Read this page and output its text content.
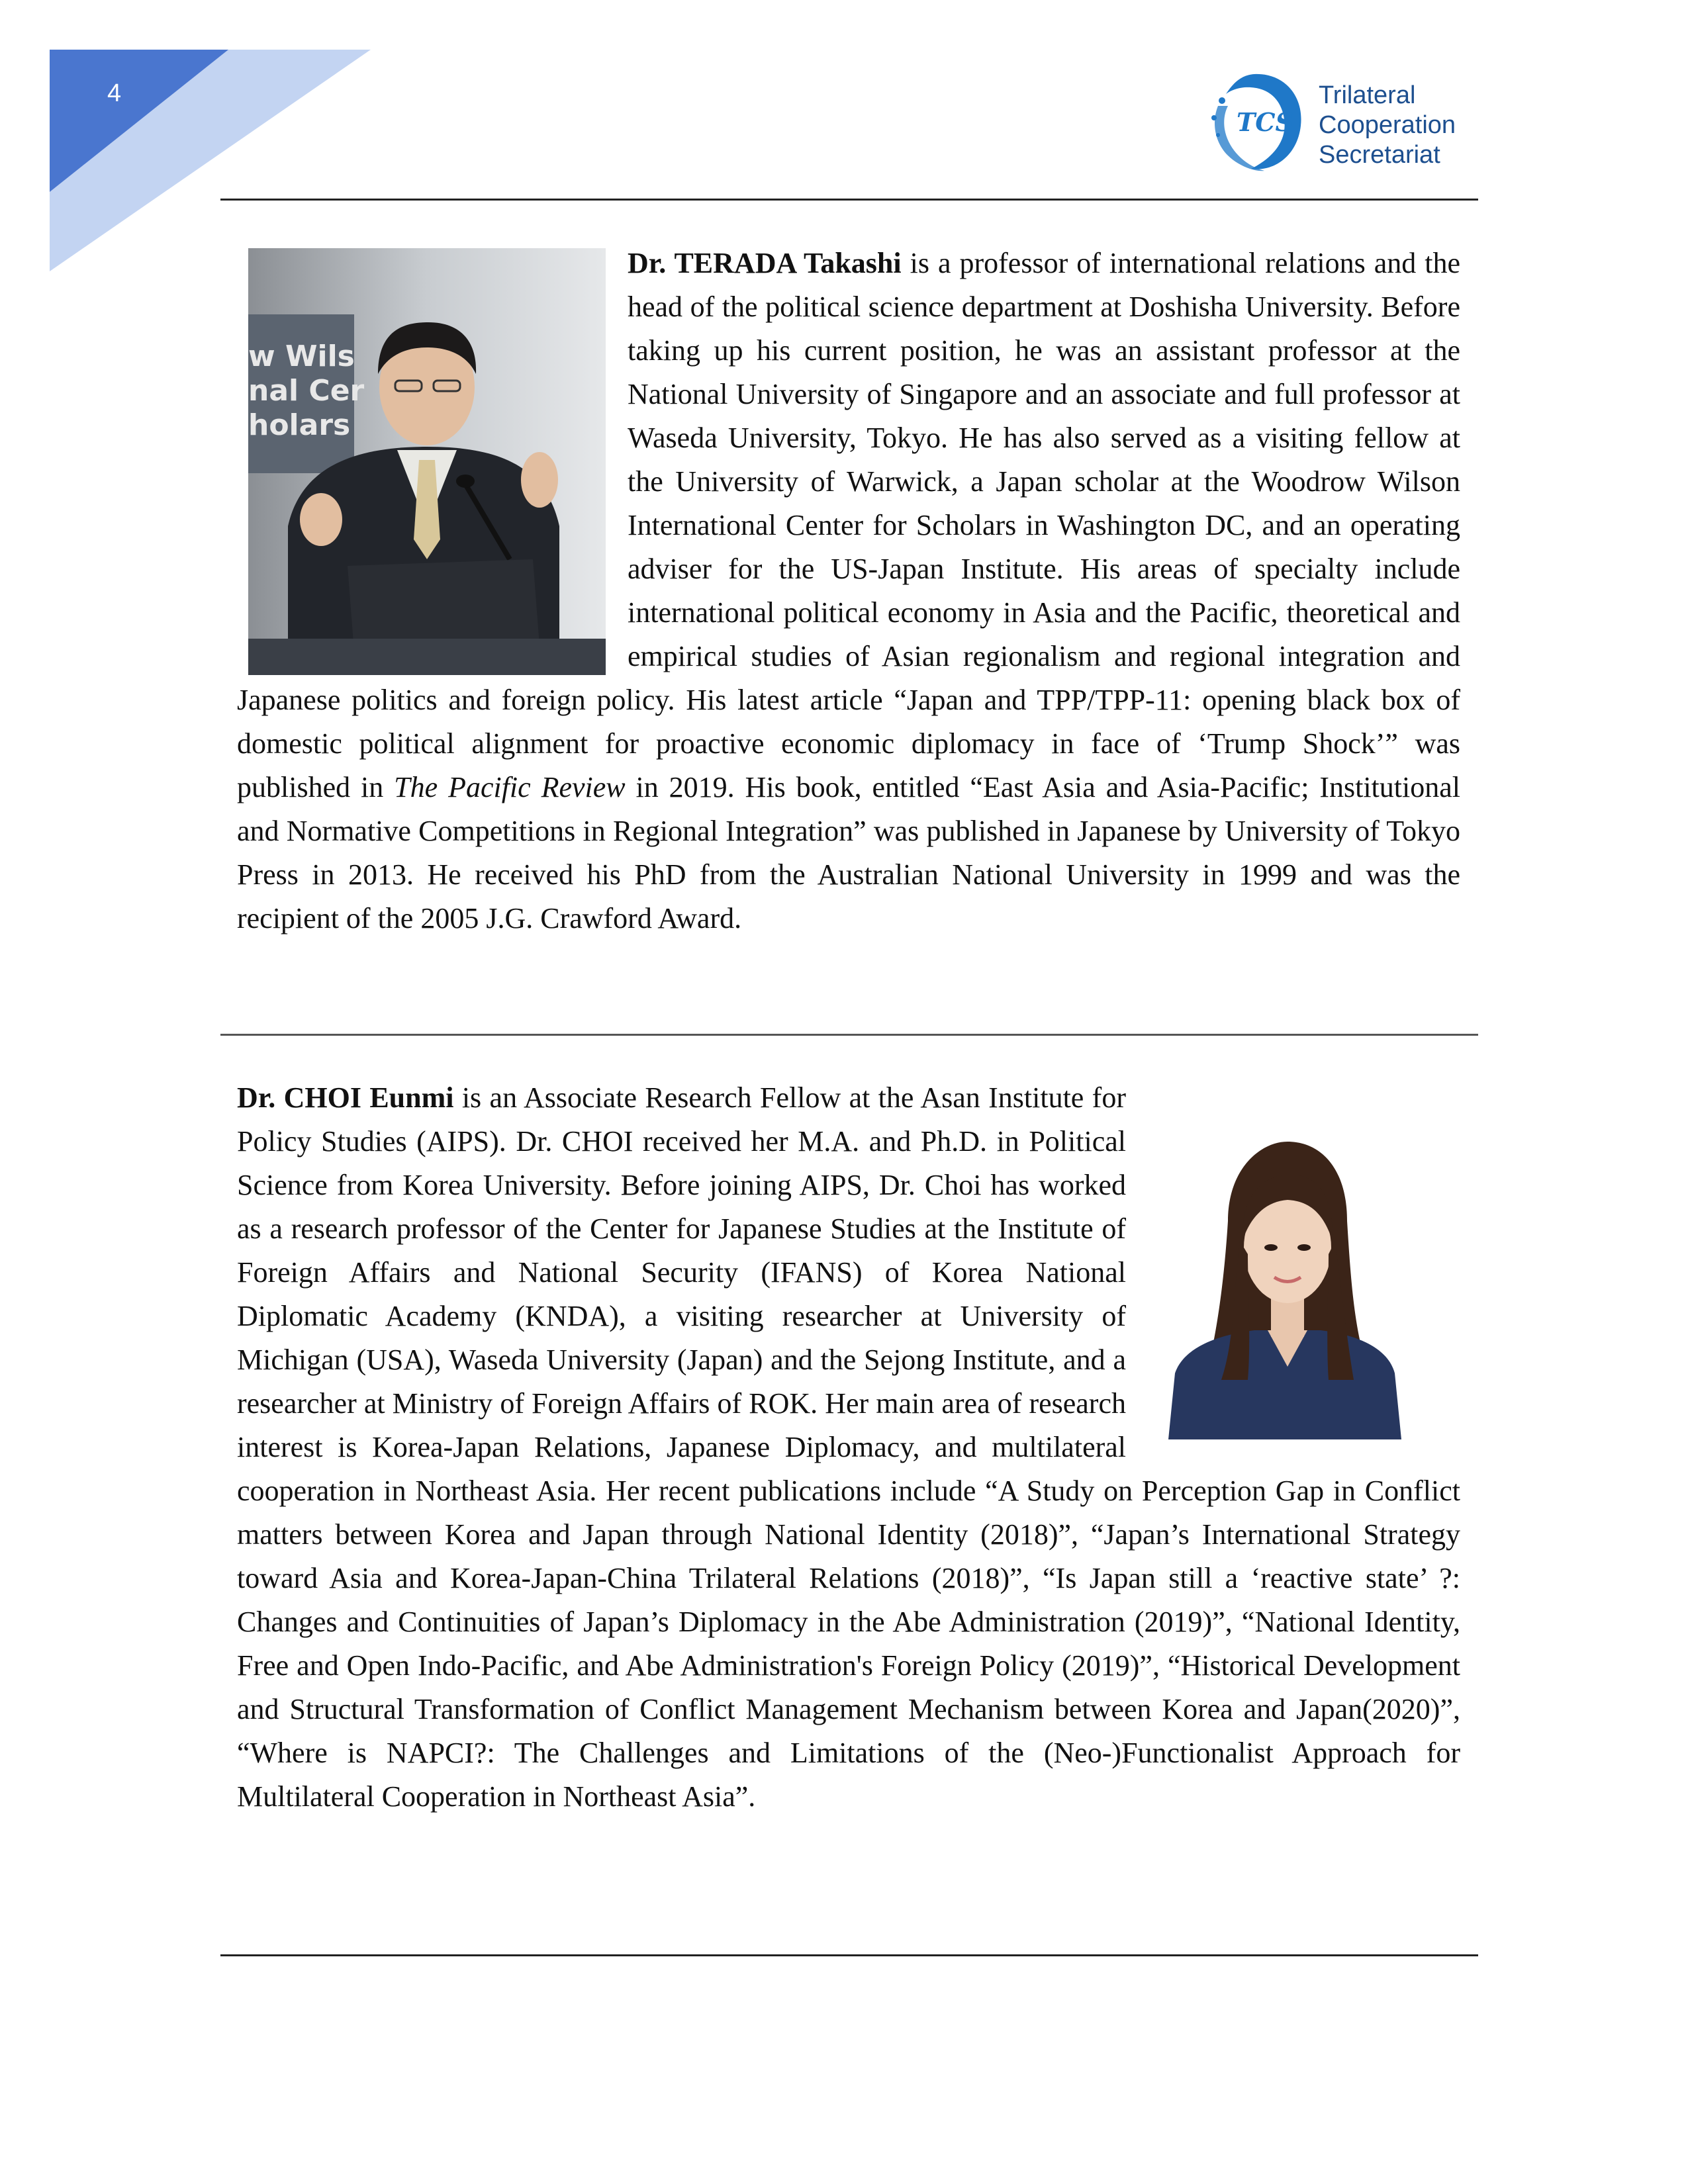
4
TCS
Trilateral
Cooperation
Secretariat
w Wils
nal Cer
holars
Dr. TERADA Takashi is a professor of international relations and the head of the political science department at Doshisha University. Before taking up his current position, he was an assistant professor at the National University of Singapore and an associate and full professor at Waseda University, Tokyo. He has also served as a visiting fellow at the University of Warwick, a Japan scholar at the Woodrow Wilson International Center for Scholars in Washington DC, and an operating adviser for the US-Japan Institute. His areas of specialty include international political economy in Asia and the Pacific, theoretical and empirical studies of Asian regionalism and regional integration and Japanese politics and foreign policy. His latest article “Japan and TPP/TPP-11: opening black box of domestic political alignment for proactive economic diplomacy in face of ‘Trump Shock’” was published in The Pacific Review in 2019. His book, entitled “East Asia and Asia-Pacific; Institutional and Normative Competitions in Regional Integration” was published in Japanese by University of Tokyo Press in 2013. He received his PhD from the Australian National University in 1999 and was the recipient of the 2005 J.G. Crawford Award.
Dr. CHOI Eunmi is an Associate Research Fellow at the Asan Institute for Policy Studies (AIPS). Dr. CHOI received her M.A. and Ph.D. in Political Science from Korea University. Before joining AIPS, Dr. Choi has worked as a research professor of the Center for Japanese Studies at the Institute of Foreign Affairs and National Security (IFANS) of Korea National Diplomatic Academy (KNDA), a visiting researcher at University of Michigan (USA), Waseda University (Japan) and the Sejong Institute, and a researcher at Ministry of Foreign Affairs of ROK. Her main area of research interest is Korea-Japan Relations, Japanese Diplomacy, and multilateral cooperation in Northeast Asia. Her recent publications include “A Study on Perception Gap in Conflict matters between Korea and Japan through National Identity (2018)”, “Japan’s International Strategy toward Asia and Korea-Japan-China Trilateral Relations (2018)”, “Is Japan still a ‘reactive state’ ?: Changes and Continuities of Japan’s Diplomacy in the Abe Administration (2019)”, “National Identity, Free and Open Indo-Pacific, and Abe Administration's Foreign Policy (2019)”, “Historical Development and Structural Transformation of Conflict Management Mechanism between Korea and Japan(2020)”, “Where is NAPCI?: The Challenges and Limitations of the (Neo-)Functionalist Approach for Multilateral Cooperation in Northeast Asia”.
